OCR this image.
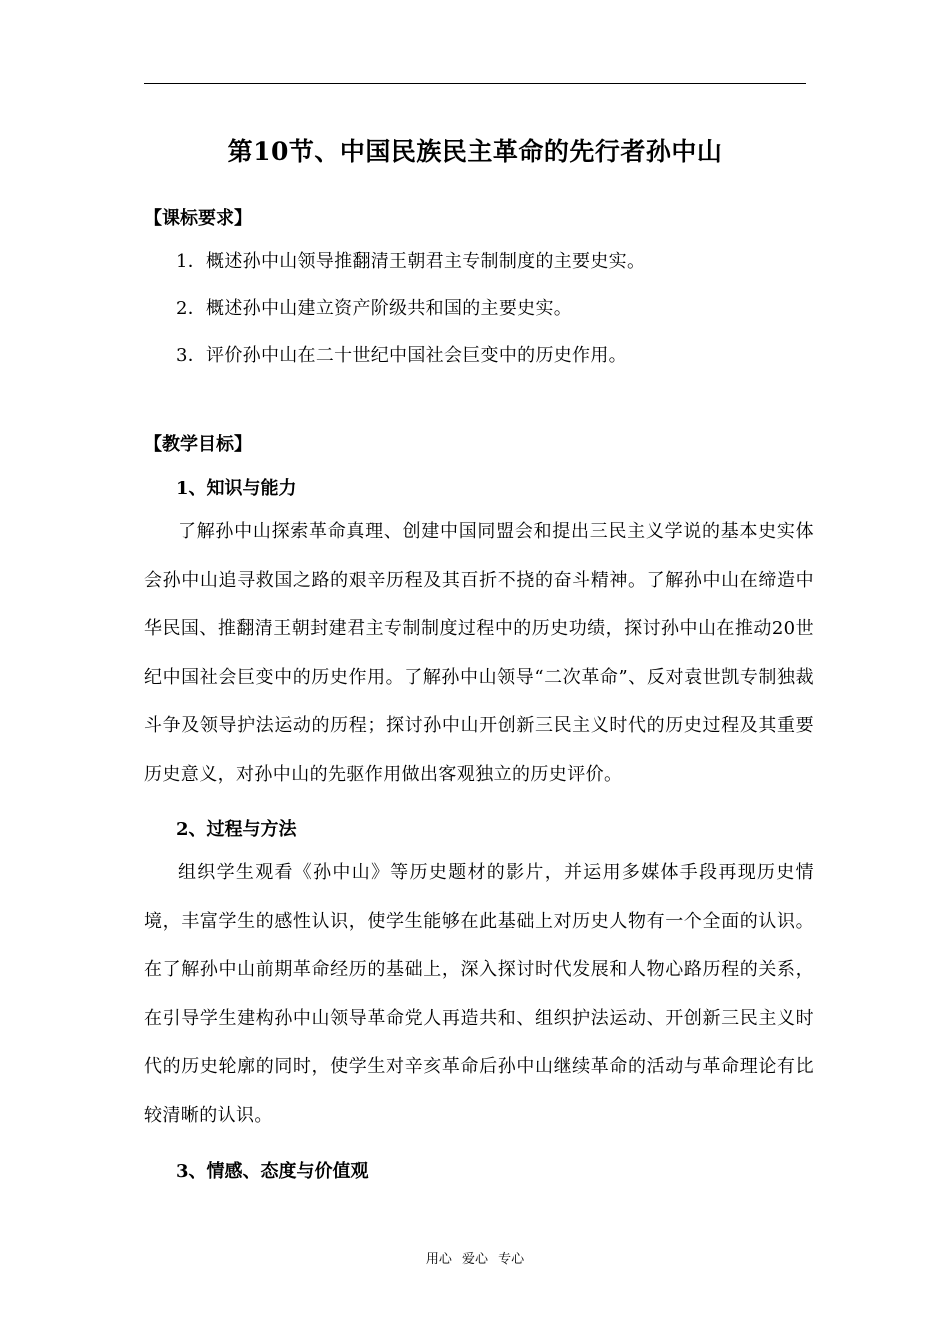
第10节、中国民族民主革命的先行者孙中山
【课标要求】
1．概述孙中山领导推翻清王朝君主专制制度的主要史实。
2．概述孙中山建立资产阶级共和国的主要史实。
3．评价孙中山在二十世纪中国社会巨变中的历史作用。
【教学目标】
1、知识与能力
了解孙中山探索革命真理、创建中国同盟会和提出三民主义学说的基本史实体会孙中山追寻救国之路的艰辛历程及其百折不挠的奋斗精神。了解孙中山在缔造中华民国、推翻清王朝封建君主专制制度过程中的历史功绩，探讨孙中山在推动20世纪中国社会巨变中的历史作用。了解孙中山领导“二次革命”、反对袁世凯专制独裁斗争及领导护法运动的历程；探讨孙中山开创新三民主义时代的历史过程及其重要历史意义，对孙中山的先驱作用做出客观独立的历史评价。
2、过程与方法
组织学生观看《孙中山》等历史题材的影片，并运用多媒体手段再现历史情境，丰富学生的感性认识，使学生能够在此基础上对历史人物有一个全面的认识。在了解孙中山前期革命经历的基础上，深入探讨时代发展和人物心路历程的关系，在引导学生建构孙中山领导革命党人再造共和、组织护法运动、开创新三民主义时代的历史轮廓的同时，使学生对辛亥革命后孙中山继续革命的活动与革命理论有比较清晰的认识。
3、情感、态度与价值观
用心 爱心 专心
